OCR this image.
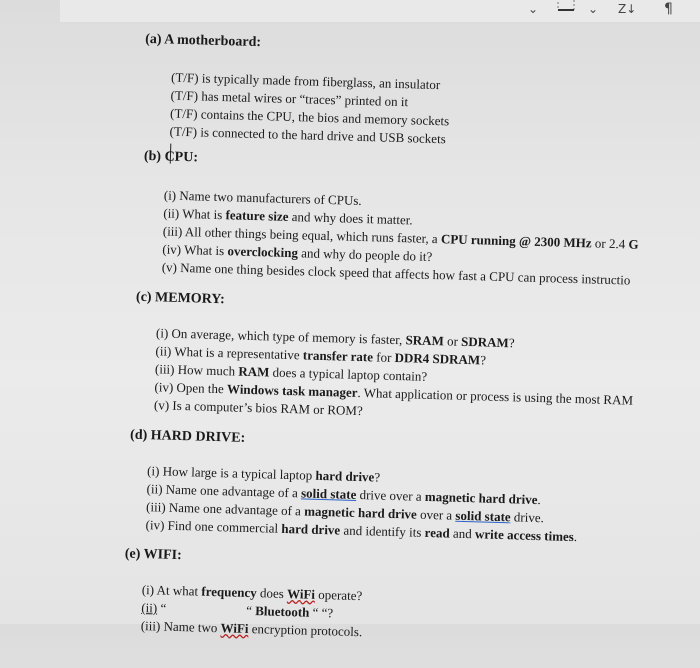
⌄	⌄ Z↓ ¶
(a) A motherboard:
(T/F) is typically made from fiberglass, an insulator
(T/F) has metal wires or “traces” printed on it
(T/F) contains the CPU, the bios and memory sockets
(T/F) is connected to the hard drive and USB sockets
(b) CPU:
(i) Name two manufacturers of CPUs.
(ii) What is feature size and why does it matter.
(iii) All other things being equal, which runs faster, a CPU running @ 2300 MHz or 2.4 G
(iv) What is overclocking and why do people do it?
(v) Name one thing besides clock speed that affects how fast a CPU can process instructio
(c) MEMORY:
(i) On average, which type of memory is faster, SRAM or SDRAM?
(ii) What is a representative transfer rate for DDR4 SDRAM?
(iii) How much RAM does a typical laptop contain?
(iv) Open the Windows task manager. What application or process is using the most RAM
(v) Is a computer’s bios RAM or ROM?
(d) HARD DRIVE:
(i) How large is a typical laptop hard drive?
(ii) Name one advantage of a solid state drive over a magnetic hard drive.
(iii) Name one advantage of a magnetic hard drive over a solid state drive.
(iv) Find one commercial hard drive and identify its read and write access times.
(e) WIFI:
(i) At what frequency does WiFi operate?
(ii) “	“ Bluetooth “ “?
(iii) Name two WiFi encryption protocols.
